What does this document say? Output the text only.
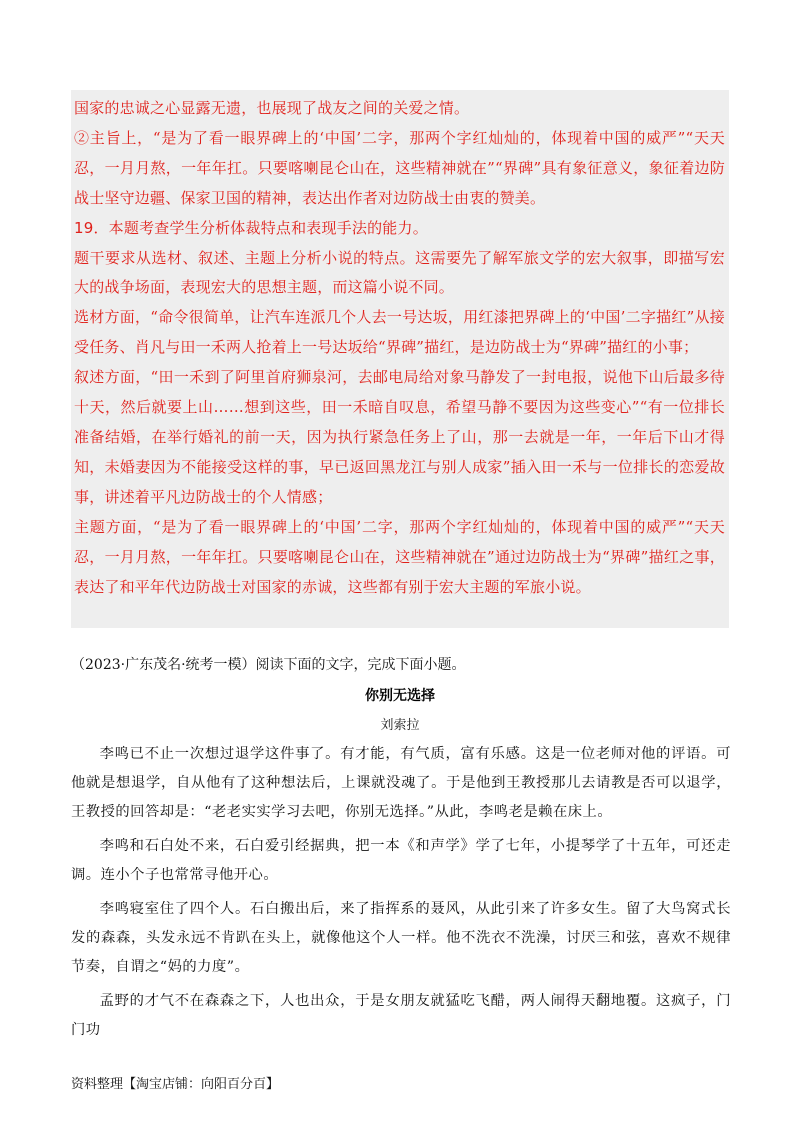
国家的忠诚之心显露无遗，也展现了战友之间的关爱之情。

②主旨上，“是为了看一眼界碑上的‘中国’二字，那两个字红灿灿的，体现着中国的威严”“天天忍，一月月熬，一年年扛。只要喀喇昆仑山在，这些精神就在”“界碑”具有象征意义，象征着边防战士坚守边疆、保家卫国的精神，表达出作者对边防战士由衷的赞美。

19．本题考查学生分析体裁特点和表现手法的能力。

题干要求从选材、叙述、主题上分析小说的特点。这需要先了解军旅文学的宏大叙事，即描写宏大的战争场面，表现宏大的思想主题，而这篇小说不同。

选材方面，“命令很简单，让汽车连派几个人去一号达坂，用红漆把界碑上的‘中国’二字描红”从接受任务、肖凡与田一禾两人抢着上一号达坂给“界碑”描红，是边防战士为“界碑”描红的小事；

叙述方面，“田一禾到了阿里首府狮泉河，去邮电局给对象马静发了一封电报，说他下山后最多待十天，然后就要上山……想到这些，田一禾暗自叹息，希望马静不要因为这些变心”“有一位排长准备结婚，在举行婚礼的前一天，因为执行紧急任务上了山，那一去就是一年，一年后下山才得知，未婚妻因为不能接受这样的事，早已返回黑龙江与别人成家”插入田一禾与一位排长的恋爱故事，讲述着平凡边防战士的个人情感；

主题方面，“是为了看一眼界碑上的‘中国’二字，那两个字红灿灿的，体现着中国的威严”“天天忍，一月月熬，一年年扛。只要喀喇昆仑山在，这些精神就在”通过边防战士为“界碑”描红之事，表达了和平年代边防战士对国家的赤诚，这些都有别于宏大主题的军旅小说。

（2023·广东茂名·统考一模）阅读下面的文字，完成下面小题。

你别无选择

刘索拉

李鸣已不止一次想过退学这件事了。有才能，有气质，富有乐感。这是一位老师对他的评语。可他就是想退学，自从他有了这种想法后，上课就没魂了。于是他到王教授那儿去请教是否可以退学，王教授的回答却是：“老老实实学习去吧，你别无选择。”从此，李鸣老是赖在床上。

李鸣和石白处不来，石白爱引经据典，把一本《和声学》学了七年，小提琴学了十五年，可还走调。连小个子也常常寻他开心。

李鸣寝室住了四个人。石白搬出后，来了指挥系的聂风，从此引来了许多女生。留了大鸟窝式长发的森森，头发永远不肯趴在头上，就像他这个人一样。他不洗衣不洗澡，讨厌三和弦，喜欢不规律节奏，自谓之“妈的力度”。

孟野的才气不在森森之下，人也出众，于是女朋友就猛吃飞醋，两人闹得天翻地覆。这疯子，门门功

资料整理【淘宝店铺：向阳百分百】
